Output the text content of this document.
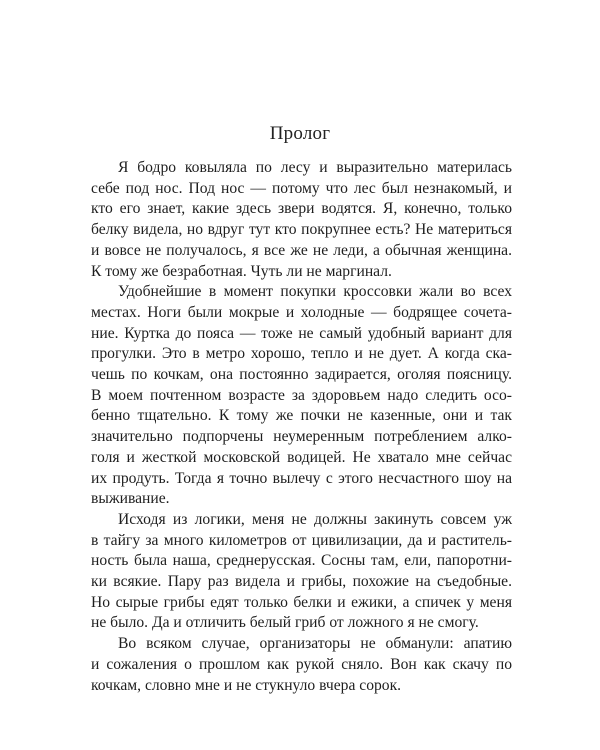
Пролог
Я бодро ковыляла по лесу и выразительно материлась
себе под нос. Под нос — потому что лес был незнакомый, и
кто его знает, какие здесь звери водятся. Я, конечно, только
белку видела, но вдруг тут кто покрупнее есть? Не материться
и вовсе не получалось, я все же не леди, а обычная женщина.
К тому же безработная. Чуть ли не маргинал.
Удобнейшие в момент покупки кроссовки жали во всех
местах. Ноги были мокрые и холодные — бодрящее сочета-
ние. Куртка до пояса — тоже не самый удобный вариант для
прогулки. Это в метро хорошо, тепло и не дует. А когда ска-
чешь по кочкам, она постоянно задирается, оголяя поясницу.
В моем почтенном возрасте за здоровьем надо следить осо-
бенно тщательно. К тому же почки не казенные, они и так
значительно подпорчены неумеренным потреблением алко-
голя и жесткой московской водицей. Не хватало мне сейчас
их продуть. Тогда я точно вылечу с этого несчастного шоу на
выживание.
Исходя из логики, меня не должны закинуть совсем уж
в тайгу за много километров от цивилизации, да и раститель-
ность была наша, среднерусская. Сосны там, ели, папоротни-
ки всякие. Пару раз видела и грибы, похожие на съедобные.
Но сырые грибы едят только белки и ежики, а спичек у меня
не было. Да и отличить белый гриб от ложного я не смогу.
Во всяком случае, организаторы не обманули: апатию
и сожаления о прошлом как рукой сняло. Вон как скачу по
кочкам, словно мне и не стукнуло вчера сорок.
